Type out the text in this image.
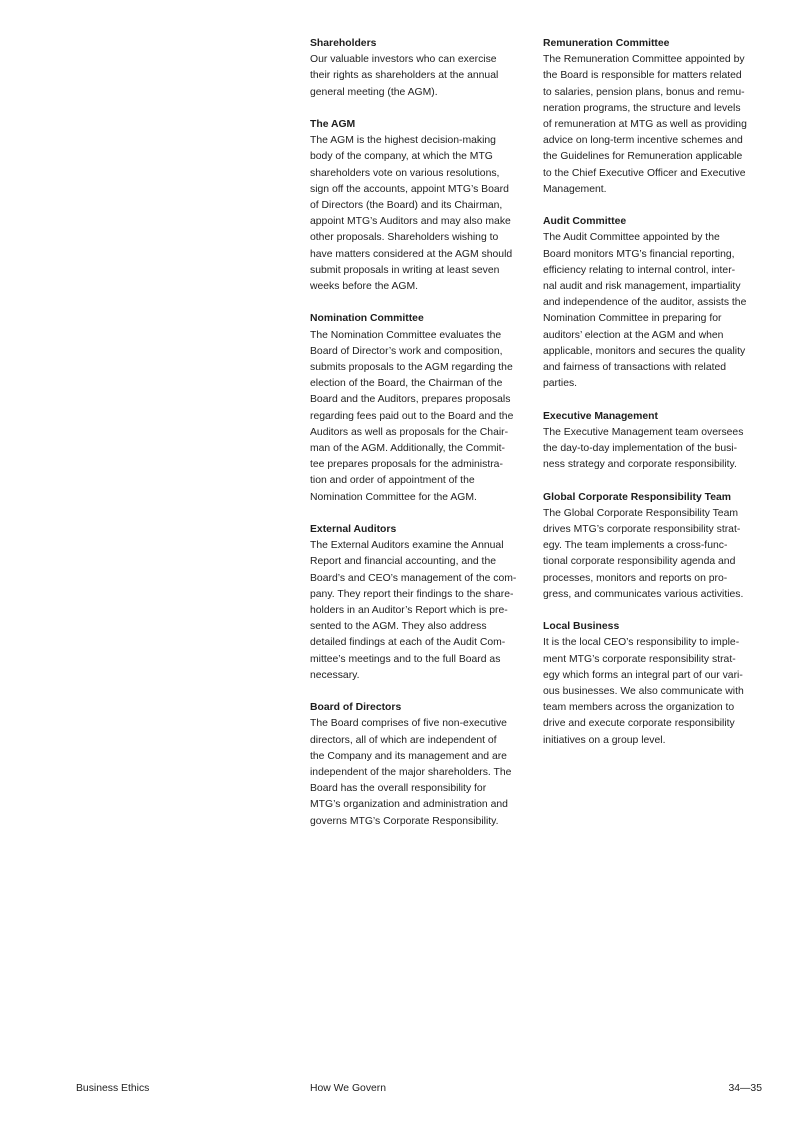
Shareholders
Our valuable investors who can exercise
their rights as shareholders at the annual
general meeting (the AGM).
The AGM
The AGM is the highest decision-making
body of the company, at which the MTG
shareholders vote on various resolutions,
sign off the accounts, appoint MTG’s Board
of Directors (the Board) and its Chairman,
appoint MTG’s Auditors and may also make
other proposals. Shareholders wishing to
have matters considered at the AGM should
submit proposals in writing at least seven
weeks before the AGM.
Nomination Committee
The Nomination Committee evaluates the
Board of Director’s work and composition,
submits proposals to the AGM regarding the
election of the Board, the Chairman of the
Board and the Auditors, prepares proposals
regarding fees paid out to the Board and the
Auditors as well as proposals for the Chair-
man of the AGM. Additionally, the Commit-
tee prepares proposals for the administra-
tion and order of appointment of the
Nomination Committee for the AGM.
External Auditors
The External Auditors examine the Annual
Report and financial accounting, and the
Board’s and CEO’s management of the com-
pany. They report their findings to the share-
holders in an Auditor’s Report which is pre-
sented to the AGM. They also address
detailed findings at each of the Audit Com-
mittee’s meetings and to the full Board as
necessary.
Board of Directors
The Board comprises of five non-executive
directors, all of which are independent of
the Company and its management and are
independent of the major shareholders. The
Board has the overall responsibility for
MTG’s organization and administration and
governs MTG’s Corporate Responsibility.
Remuneration Committee
The Remuneration Committee appointed by
the Board is responsible for matters related
to salaries, pension plans, bonus and remu-
neration programs, the structure and levels
of remuneration at MTG as well as providing
advice on long-term incentive schemes and
the Guidelines for Remuneration applicable
to the Chief Executive Officer and Executive
Management.
Audit Committee
The Audit Committee appointed by the
Board monitors MTG’s financial reporting,
efficiency relating to internal control, inter-
nal audit and risk management, impartiality
and independence of the auditor, assists the
Nomination Committee in preparing for
auditors’ election at the AGM and when
applicable, monitors and secures the quality
and fairness of transactions with related
parties.
Executive Management
The Executive Management team oversees
the day-to-day implementation of the busi-
ness strategy and corporate responsibility.
Global Corporate Responsibility Team
The Global Corporate Responsibility Team
drives MTG’s corporate responsibility strat-
egy. The team implements a cross-func-
tional corporate responsibility agenda and
processes, monitors and reports on pro-
gress, and communicates various activities.
Local Business
It is the local CEO’s responsibility to imple-
ment MTG’s corporate responsibility strat-
egy which forms an integral part of our vari-
ous businesses. We also communicate with
team members across the organization to
drive and execute corporate responsibility
initiatives on a group level.
Business Ethics	How We Govern	34—35
